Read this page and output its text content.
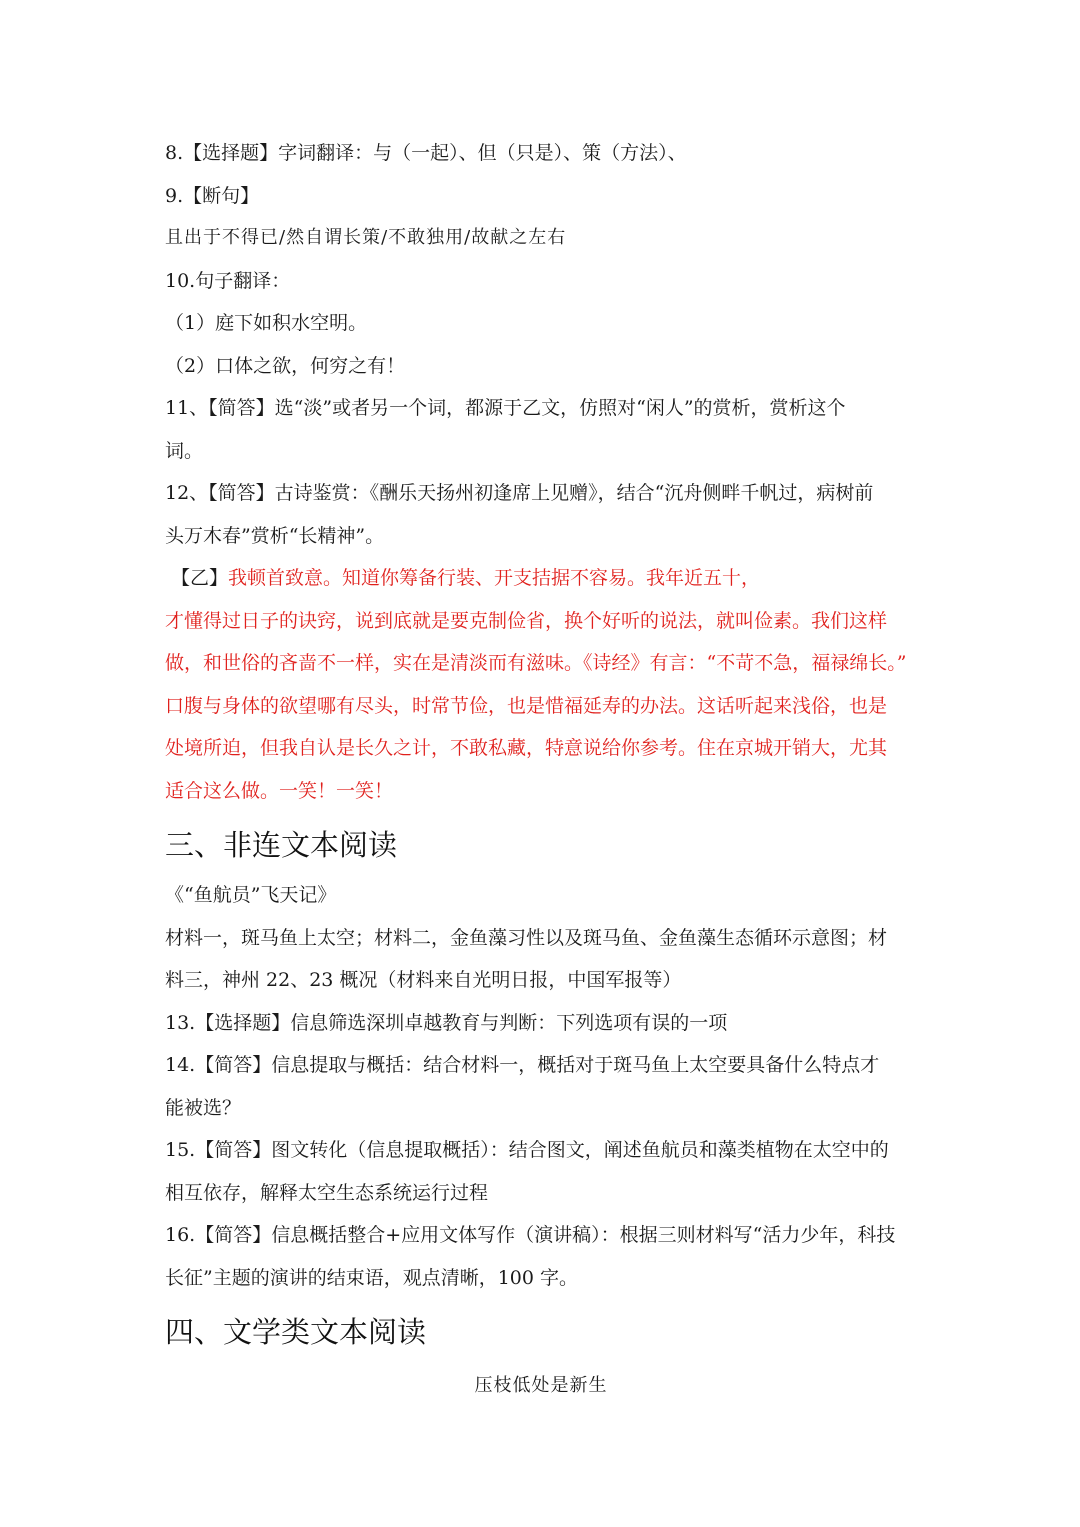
8.【选择题】字词翻译：与（一起）、但（只是）、策（方法）、
9.【断句】
且出于不得已/然自谓长策/不敢独用/故献之左右
10.句子翻译：
（1）庭下如积水空明。
（2）口体之欲，何穷之有！
11、【简答】选“淡”或者另一个词，都源于乙文，仿照对“闲人”的赏析，赏析这个
词。
12、【简答】古诗鉴赏：《酬乐天扬州初逢席上见赠》，结合“沉舟侧畔千帆过，病树前
头万木春”赏析“长精神”。
【乙】我顿首致意。知道你筹备行装、开支拮据不容易。我年近五十，
才懂得过日子的诀窍，说到底就是要克制俭省，换个好听的说法，就叫俭素。我们这样
做，和世俗的吝啬不一样，实在是清淡而有滋味。《诗经》有言：“不苛不急，福禄绵长。”
口腹与身体的欲望哪有尽头，时常节俭，也是惜福延寿的办法。这话听起来浅俗，也是
处境所迫，但我自认是长久之计，不敢私藏，特意说给你参考。住在京城开销大，尤其
适合这么做。一笑！一笑！
三、非连文本阅读
《“鱼航员”飞天记》
材料一，斑马鱼上太空；材料二，金鱼藻习性以及斑马鱼、金鱼藻生态循环示意图；材
料三，神州 22、23 概况（材料来自光明日报，中国军报等）
13.【选择题】信息筛选深圳卓越教育与判断：下列选项有误的一项
14.【简答】信息提取与概括：结合材料一，概括对于斑马鱼上太空要具备什么特点才
能被选？
15.【简答】图文转化（信息提取概括）：结合图文，阐述鱼航员和藻类植物在太空中的
相互依存，解释太空生态系统运行过程
16.【简答】信息概括整合+应用文体写作（演讲稿）：根据三则材料写“活力少年，科技
长征”主题的演讲的结束语，观点清晰，100 字。
四、文学类文本阅读
压枝低处是新生
